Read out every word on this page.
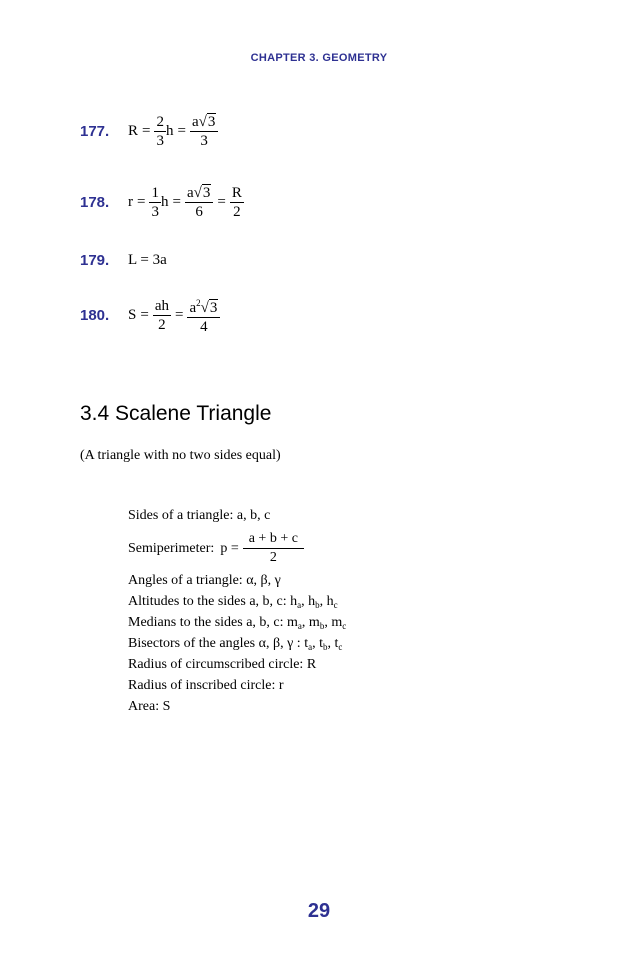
CHAPTER 3. GEOMETRY
177.	$R = \frac{2}{3}$ $h = \frac{a√3}{3}$
178.	$r = \frac{1}{3}$ $h = \frac{a√3}{6} = \frac{R}{2}$
179.	L = 3a
180.	$S = \frac{ah}{2} = \frac{a^2√3}{4}$
3.4 Scalene Triangle
(A triangle with no two sides equal)
Sides of a triangle: a, b, c
Semiperimeter: $p = \frac{a + b + c}{2}$
Angles of a triangle: α, β, γ
Altitudes to the sides a, b, c: $h_a$, $h_b$, $h_c$
Medians to the sides a, b, c: $m_a$, $m_b$, $m_c$
Bisectors of the angles α, β, γ : $t_a$, $t_b$, $t_c$
Radius of circumscribed circle: R
Radius of inscribed circle: r
Area: S
29
